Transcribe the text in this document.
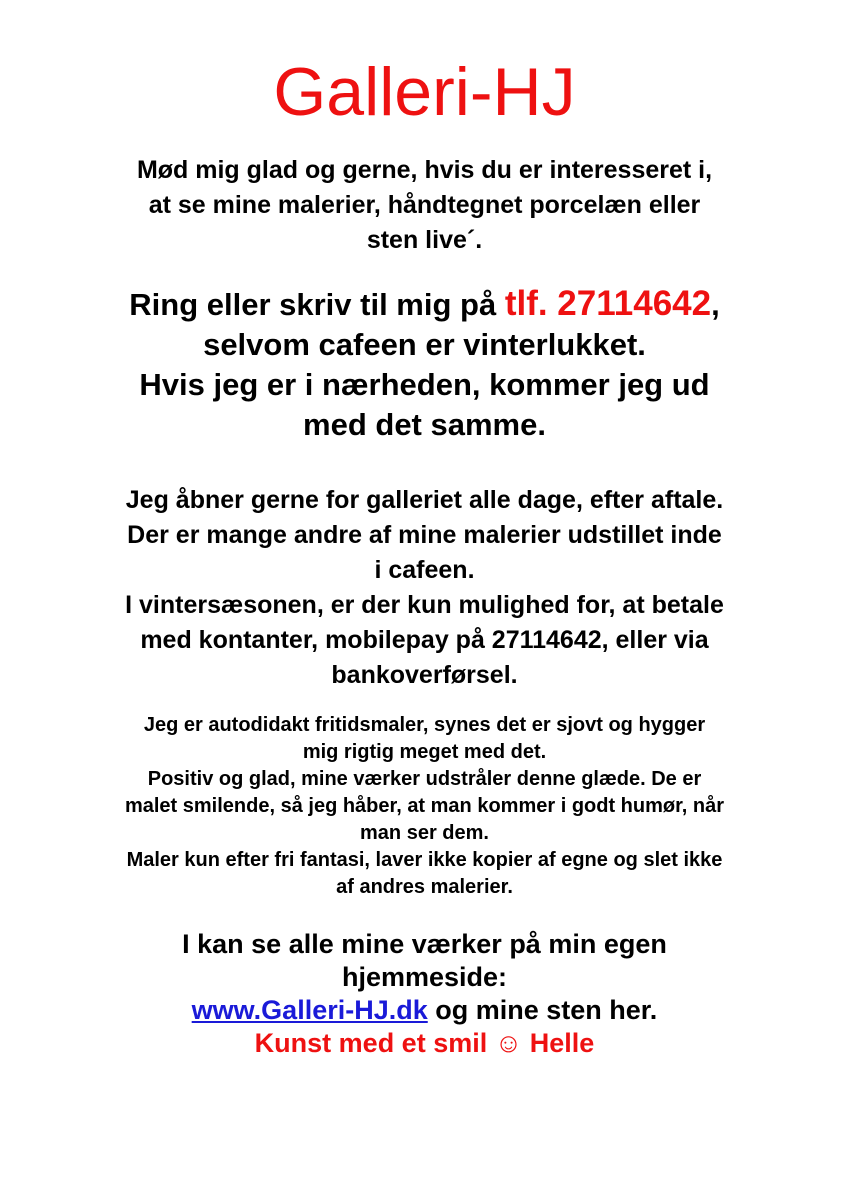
Galleri-HJ

Mød mig glad og gerne, hvis du er interesseret i,

at se mine malerier, håndtegnet porcelæn eller

sten live´.

Ring eller skriv til mig på tlf. 27114642,

selvom cafeen er vinterlukket.

Hvis jeg er i nærheden, kommer jeg ud

med det samme.

Jeg åbner gerne for galleriet alle dage, efter aftale.

Der er mange andre af mine malerier udstillet inde

i cafeen.

I vintersæsonen, er der kun mulighed for, at betale

med kontanter, mobilepay på 27114642, eller via

bankoverførsel.

Jeg er autodidakt fritidsmaler, synes det er sjovt og hygger

mig rigtig meget med det.

Positiv og glad, mine værker udstråler denne glæde. De er

malet smilende, så jeg håber, at man kommer i godt humør, når

man ser dem.

Maler kun efter fri fantasi, laver ikke kopier af egne og slet ikke

af andres malerier.

I kan se alle mine værker på min egen

hjemmeside:

www.Galleri-HJ.dk og mine sten her.

Kunst med et smil ☺ Helle
